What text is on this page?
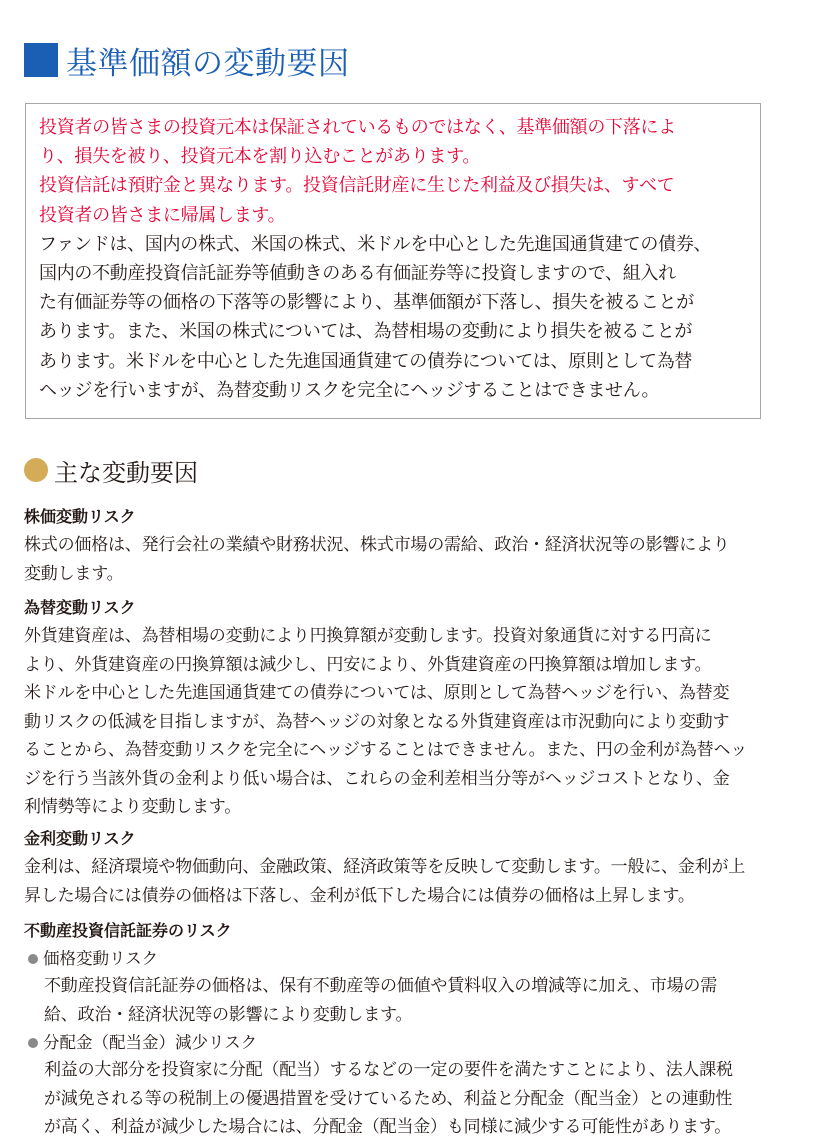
基準価額の変動要因

投資者の皆さまの投資元本は保証されているものではなく、基準価額の下落によ

り、損失を被り、投資元本を割り込むことがあります。

投資信託は預貯金と異なります。投資信託財産に生じた利益及び損失は、すべて

投資者の皆さまに帰属します。

ファンドは、国内の株式、米国の株式、米ドルを中心とした先進国通貨建ての債券、

国内の不動産投資信託証券等値動きのある有価証券等に投資しますので、組入れ

た有価証券等の価格の下落等の影響により、基準価額が下落し、損失を被ることが

あります。また、米国の株式については、為替相場の変動により損失を被ることが

あります。米ドルを中心とした先進国通貨建ての債券については、原則として為替

ヘッジを行いますが、為替変動リスクを完全にヘッジすることはできません。

主な変動要因
株価変動リスク

株式の価格は、発行会社の業績や財務状況、株式市場の需給、政治・経済状況等の影響により

変動します。

為替変動リスク

外貨建資産は、為替相場の変動により円換算額が変動します。投資対象通貨に対する円高に

より、外貨建資産の円換算額は減少し、円安により、外貨建資産の円換算額は増加します。

米ドルを中心とした先進国通貨建ての債券については、原則として為替ヘッジを行い、為替変

動リスクの低減を目指しますが、為替ヘッジの対象となる外貨建資産は市況動向により変動す

ることから、為替変動リスクを完全にヘッジすることはできません。また、円の金利が為替ヘッ

ジを行う当該外貨の金利より低い場合は、これらの金利差相当分等がヘッジコストとなり、金

利情勢等により変動します。

金利変動リスク

金利は、経済環境や物価動向、金融政策、経済政策等を反映して変動します。一般に、金利が上

昇した場合には債券の価格は下落し、金利が低下した場合には債券の価格は上昇します。

不動産投資信託証券のリスク
価格変動リスク

不動産投資信託証券の価格は、保有不動産等の価値や賃料収入の増減等に加え、市場の需

給、政治・経済状況等の影響により変動します。

分配金（配当金）減少リスク

利益の大部分を投資家に分配（配当）するなどの一定の要件を満たすことにより、法人課税

が減免される等の税制上の優遇措置を受けているため、利益と分配金（配当金）との連動性

が高く、利益が減少した場合には、分配金（配当金）も同様に減少する可能性があります。
